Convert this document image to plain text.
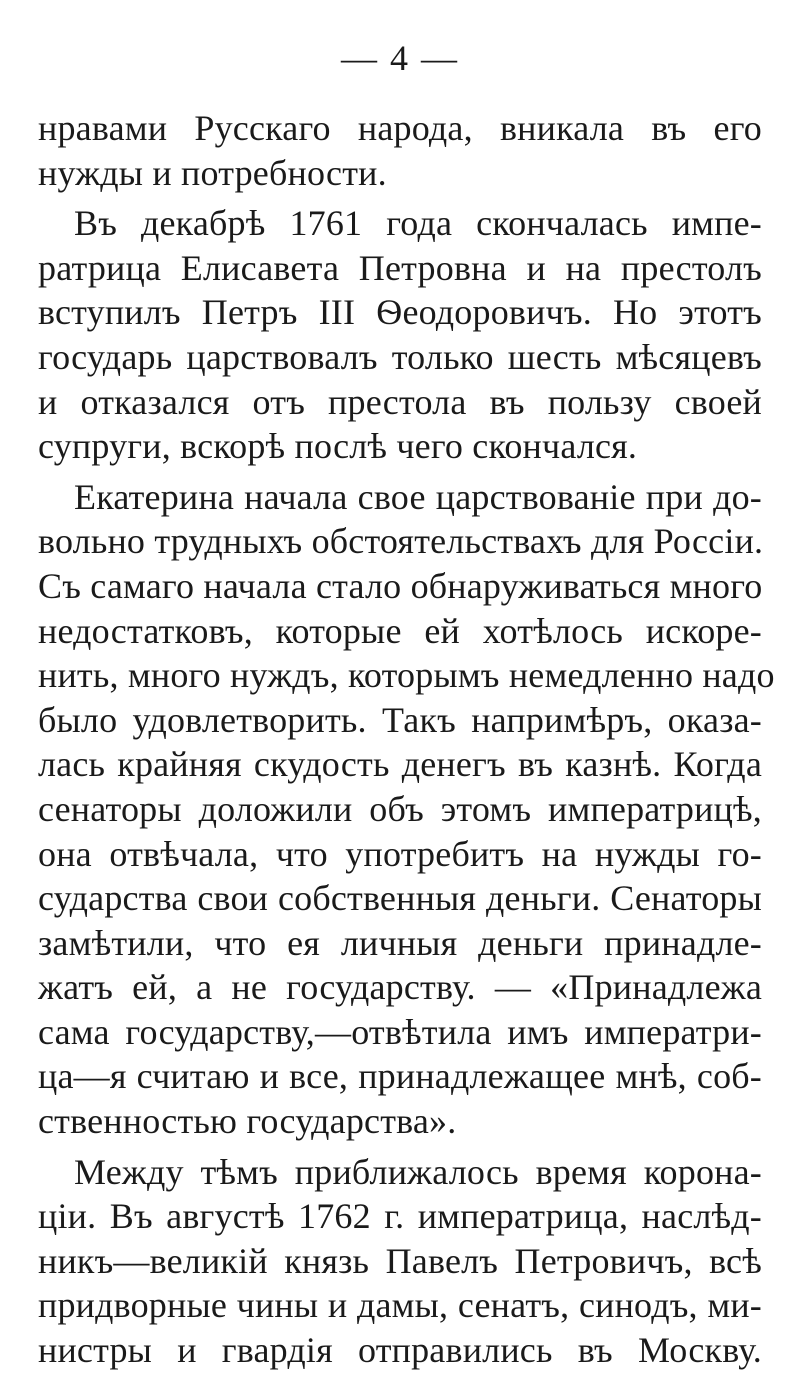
— 4 —
нравами Русскаго народа, вникала въ его
нужды и потребности.
Въ декабрѣ 1761 года скончалась импе-
ратрица Елисавета Петровна и на престолъ
вступилъ Петръ III Ѳеодоровичъ. Но этотъ
государь царствовалъ только шесть мѣсяцевъ
и отказался отъ престола въ пользу своей
супруги, вскорѣ послѣ чего скончался.
Екатерина начала свое царствованіе при до-
вольно трудныхъ обстоятельствахъ для Россіи.
Съ самаго начала стало обнаруживаться много
недостатковъ, которые ей хотѣлось искоре-
нить, много нуждъ, которымъ немедленно надо
было удовлетворить. Такъ напримѣръ, оказа-
лась крайняя скудость денегъ въ казнѣ. Когда
сенаторы доложили объ этомъ императрицѣ,
она отвѣчала, что употребитъ на нужды го-
сударства свои собственныя деньги. Сенаторы
замѣтили, что ея личныя деньги принадле-
жатъ ей, а не государству. — «Принадлежа
сама государству,—отвѣтила имъ императри-
ца—я считаю и все, принадлежащее мнѣ, соб-
ственностью государства».
Между тѣмъ приближалось время корона-
ціи. Въ августѣ 1762 г. императрица, наслѣд-
никъ—великій князь Павелъ Петровичъ, всѣ
придворные чины и дамы, сенатъ, синодъ, ми-
нистры и гвардія отправились въ Москву.
